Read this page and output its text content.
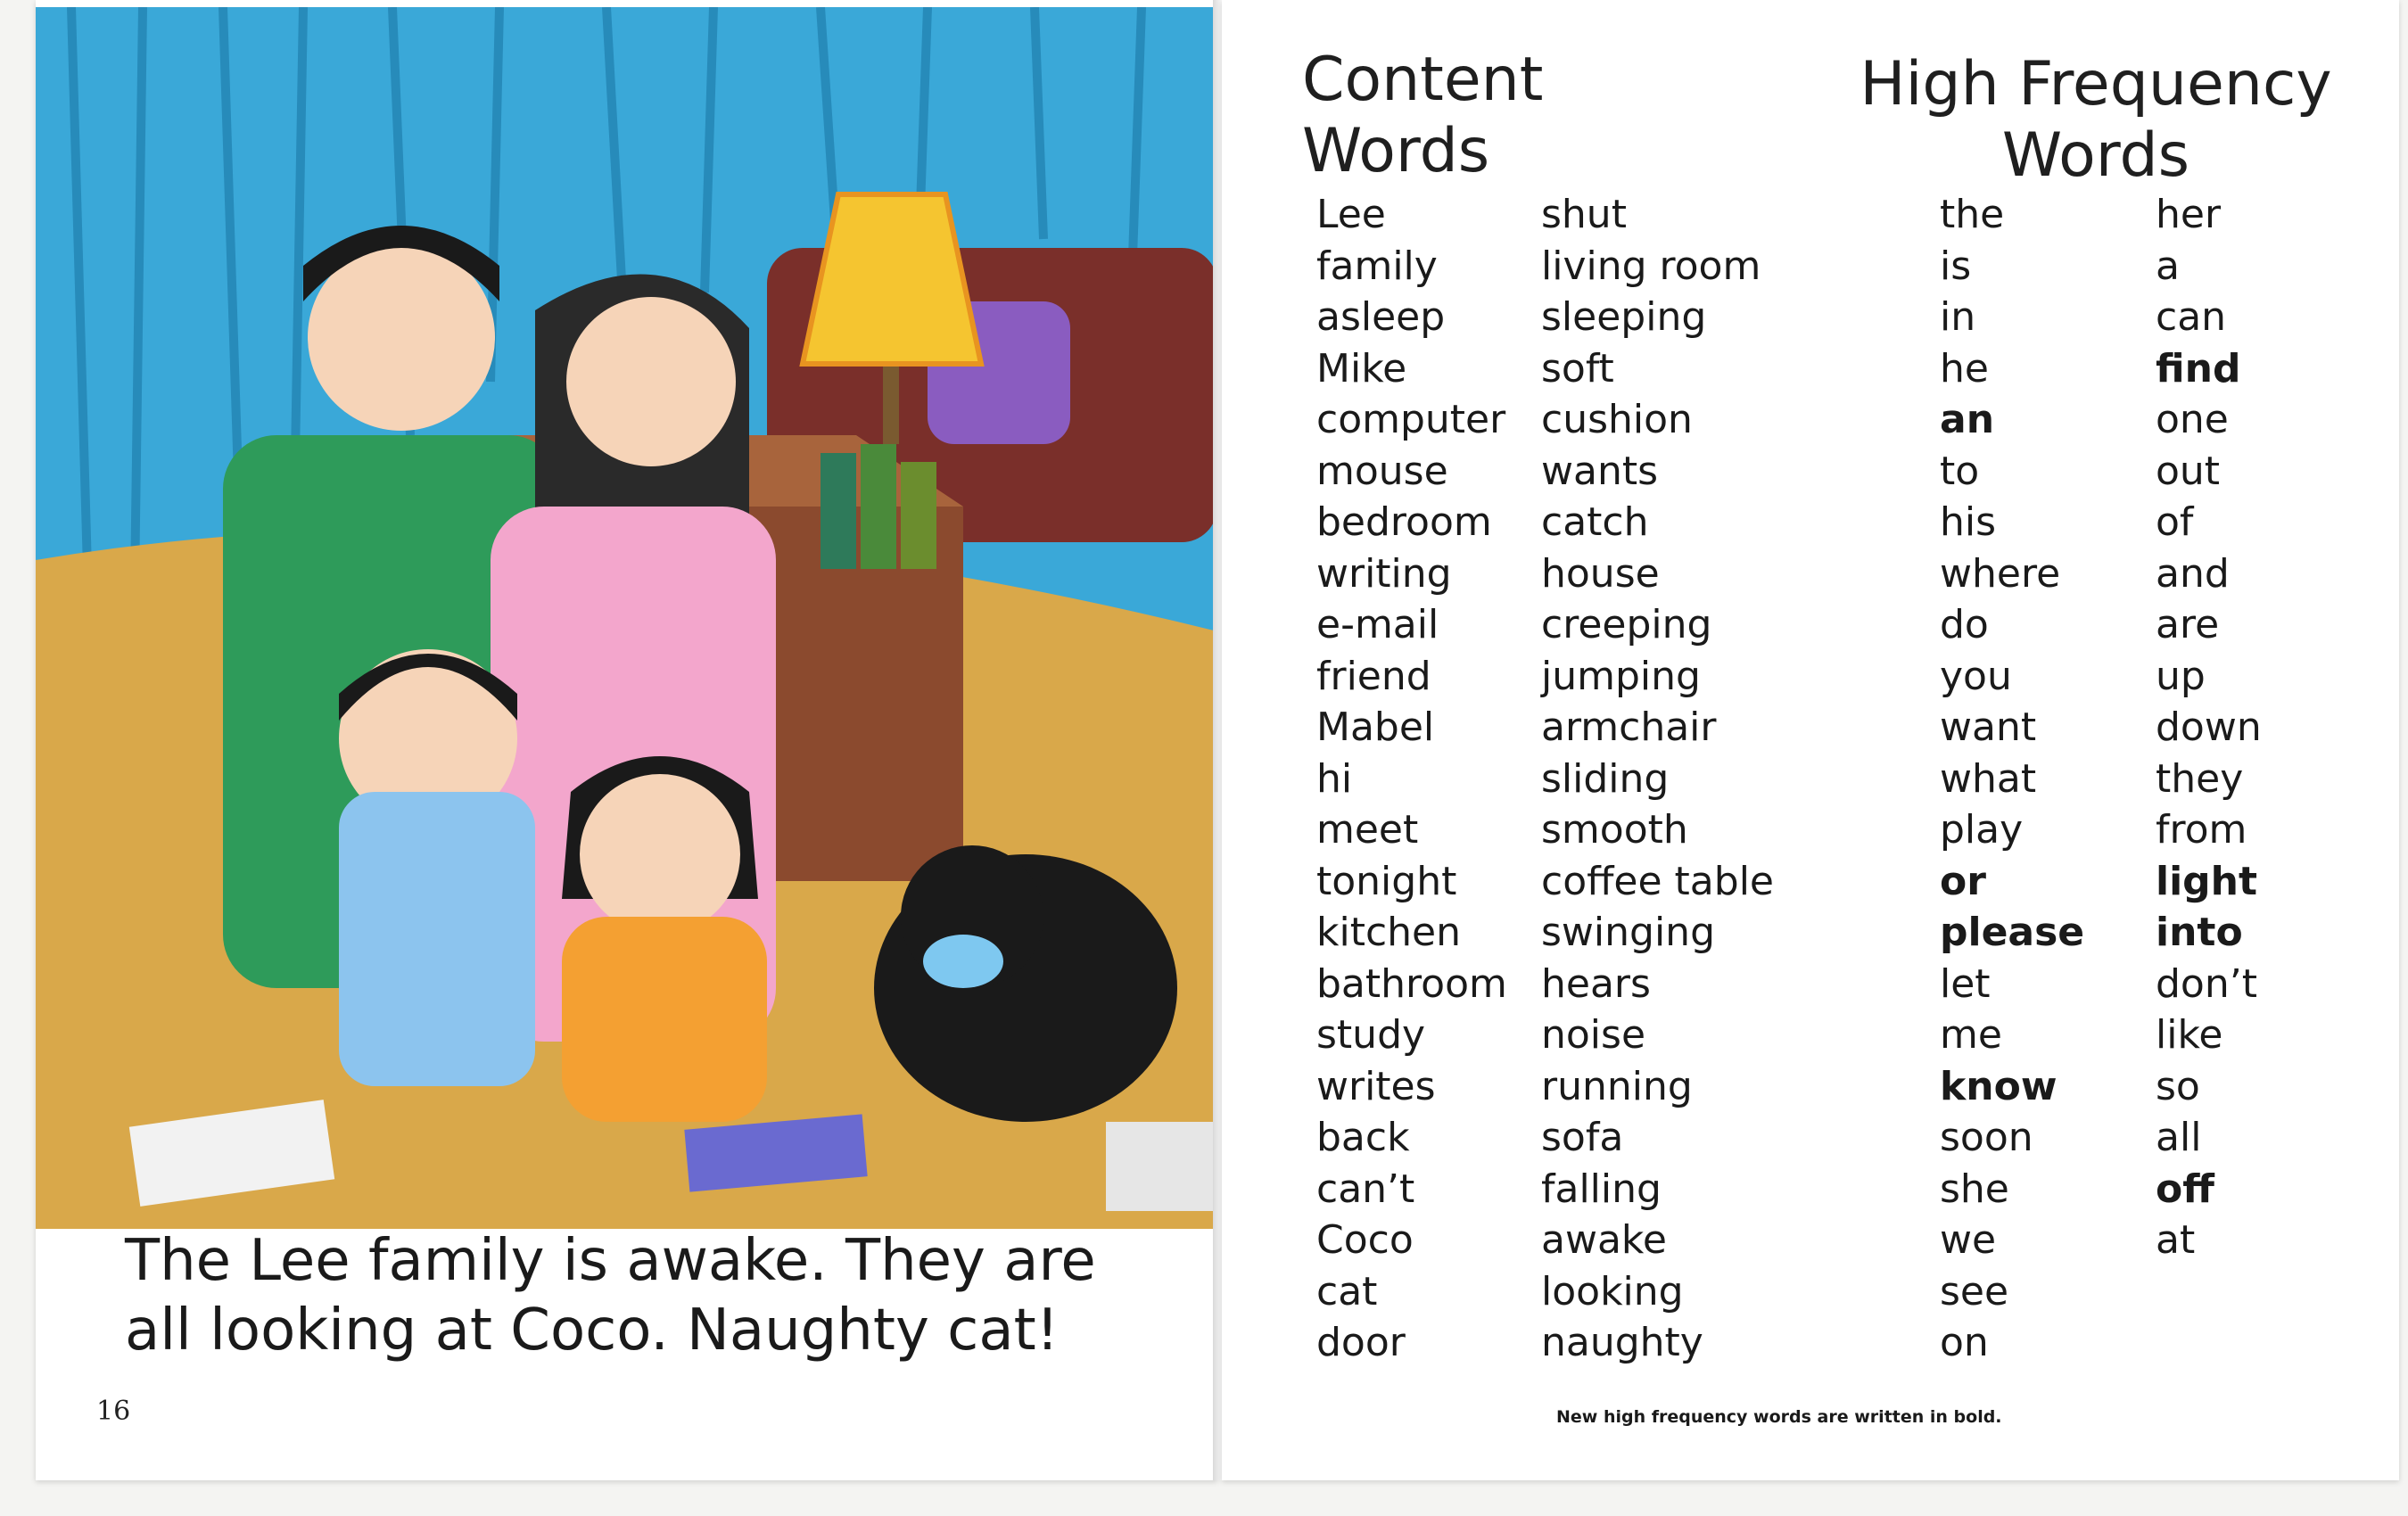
The Lee family is awake. They are
all looking at Coco. Naughty cat!
16
Content Words
High Frequency
Words
Lee
family
asleep
Mike
computer
mouse
bedroom
writing
e-mail
friend
Mabel
hi
meet
tonight
kitchen
bathroom
study
writes
back
can’t
Coco
cat
door
shut
living room
sleeping
soft
cushion
wants
catch
house
creeping
jumping
armchair
sliding
smooth
coffee table
swinging
hears
noise
running
sofa
falling
awake
looking
naughty
the
is
in
he
an
to
his
where
do
you
want
what
play
or
please
let
me
know
soon
she
we
see
on
her
a
can
find
one
out
of
and
are
up
down
they
from
light
into
don’t
like
so
all
off
at
New high frequency words are written in bold.
